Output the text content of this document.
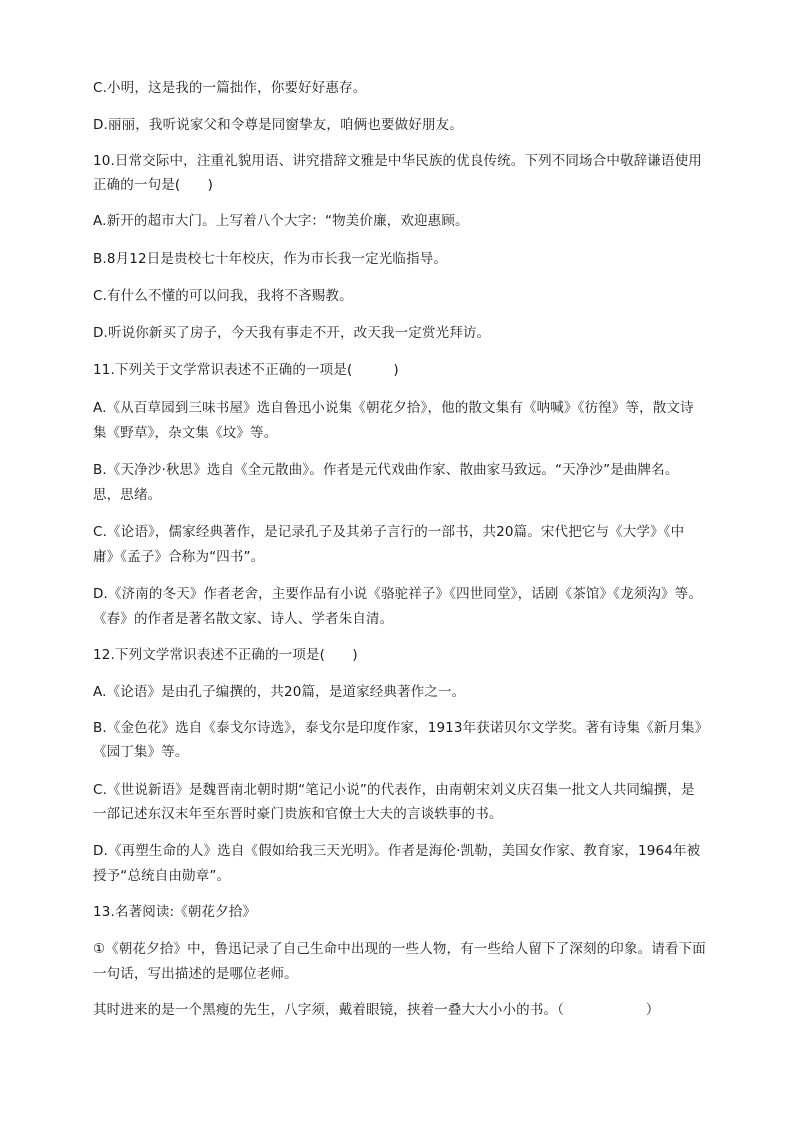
C.小明，这是我的一篇拙作，你要好好惠存。
D.丽丽，我听说家父和令尊是同窗挚友，咱俩也要做好朋友。
10.日常交际中，注重礼貌用语、讲究措辞文雅是中华民族的优良传统。下列不同场合中敬辞谦语使用
正确的一句是(　　)
A.新开的超市大门。上写着八个大字：“物美价廉，欢迎惠顾。
B.8月12日是贵校七十年校庆，作为市长我一定光临指导。
C.有什么不懂的可以问我，我将不吝赐教。
D.听说你新买了房子，今天我有事走不开，改天我一定赏光拜访。
11.下列关于文学常识表述不正确的一项是(　　　)
A.《从百草园到三味书屋》选自鲁迅小说集《朝花夕拾》，他的散文集有《呐喊》《彷徨》等，散文诗
集《野草》，杂文集《坟》等。
B.《天净沙·秋思》选自《全元散曲》。作者是元代戏曲作家、散曲家马致远。“天净沙”是曲牌名。
思，思绪。
C.《论语》，儒家经典著作，是记录孔子及其弟子言行的一部书，共20篇。宋代把它与《大学》《中
庸》《孟子》合称为“四书”。
D.《济南的冬天》作者老舍，主要作品有小说《骆驼祥子》《四世同堂》，话剧《茶馆》《龙须沟》等。
《春》的作者是著名散文家、诗人、学者朱自清。
12.下列文学常识表述不正确的一项是(　　)
A.《论语》是由孔子编撰的，共20篇，是道家经典著作之一。
B.《金色花》选自《泰戈尔诗选》，泰戈尔是印度作家，1913年获诺贝尔文学奖。著有诗集《新月集》
《园丁集》等。
C.《世说新语》是魏晋南北朝时期“笔记小说”的代表作，由南朝宋刘义庆召集一批文人共同编撰，是
一部记述东汉末年至东晋时豪门贵族和官僚士大夫的言谈轶事的书。
D.《再塑生命的人》选自《假如给我三天光明》。作者是海伦·凯勒，美国女作家、教育家，1964年被
授予“总统自由勋章”。
13.名著阅读:《朝花夕拾》
①《朝花夕拾》中，鲁迅记录了自己生命中出现的一些人物，有一些给人留下了深刻的印象。请看下面
一句话，写出描述的是哪位老师。
其时进来的是一个黑瘦的先生，八字须，戴着眼镜，挟着一叠大大小小的书。（　　　　　　）
